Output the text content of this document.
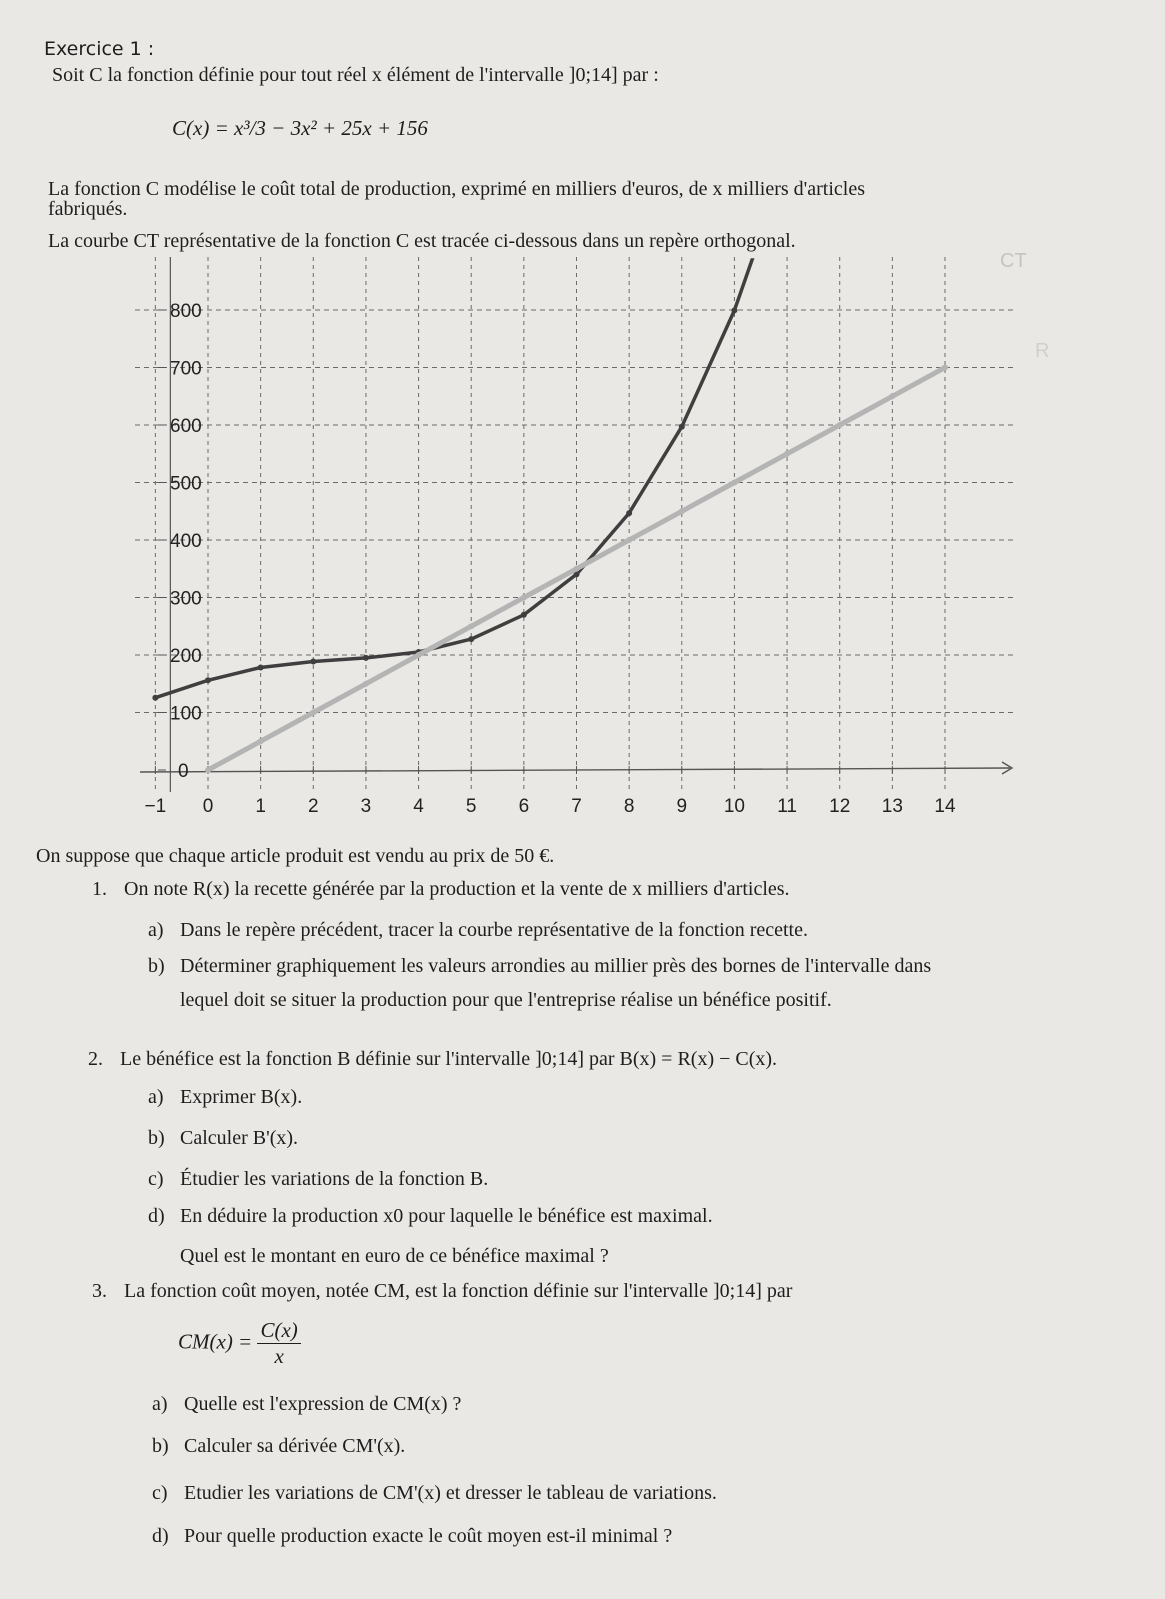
Exercice 1 :
Soit C la fonction définie pour tout réel x élément de l'intervalle ]0;14] par :
C(x) = x³/3 − 3x² + 25x + 156
La fonction C modélise le coût total de production, exprimé en milliers d'euros, de x milliers d'articles
fabriqués.
La courbe CT représentative de la fonction C est tracée ci-dessous dans un repère orthogonal.
0
100
200
300
400
500
600
700
800
−1 0 1 2 3 4 5 6 7 8 9 10 11 12 13 14
CT
R
On suppose que chaque article produit est vendu au prix de 50 €.
1. On note R(x) la recette générée par la production et la vente de x milliers d'articles.
a) Dans le repère précédent, tracer la courbe représentative de la fonction recette.
b) Déterminer graphiquement les valeurs arrondies au millier près des bornes de l'intervalle dans
lequel doit se situer la production pour que l'entreprise réalise un bénéfice positif.
2. Le bénéfice est la fonction B définie sur l'intervalle ]0;14] par B(x) = R(x) − C(x).
a) Exprimer B(x).
b) Calculer B'(x).
c) Étudier les variations de la fonction B.
d) En déduire la production x0 pour laquelle le bénéfice est maximal.
Quel est le montant en euro de ce bénéfice maximal ?
3. La fonction coût moyen, notée CM, est la fonction définie sur l'intervalle ]0;14] par
$CM(x) = \frac{C(x)}{x}$
a) Quelle est l'expression de CM(x) ?
b) Calculer sa dérivée CM'(x).
c) Etudier les variations de CM'(x) et dresser le tableau de variations.
d) Pour quelle production exacte le coût moyen est-il minimal ?
